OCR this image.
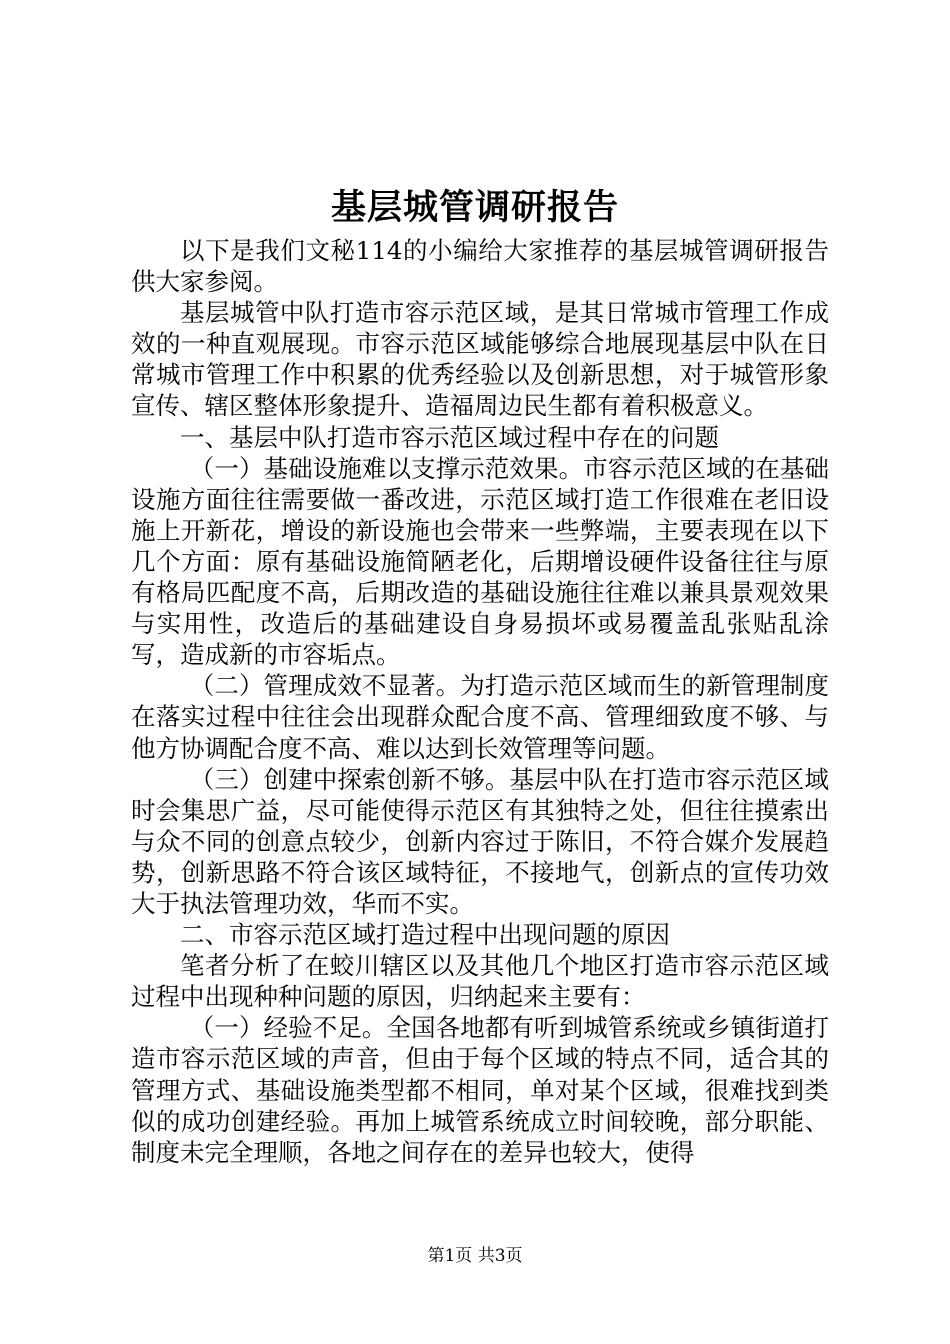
基层城管调研报告

以下是我们文秘114的小编给大家推荐的基层城管调研报告供大家参阅。

基层城管中队打造市容示范区域，是其日常城市管理工作成效的一种直观展现。市容示范区域能够综合地展现基层中队在日常城市管理工作中积累的优秀经验以及创新思想，对于城管形象宣传、辖区整体形象提升、造福周边民生都有着积极意义。

一、基层中队打造市容示范区域过程中存在的问题

（一）基础设施难以支撑示范效果。市容示范区域的在基础设施方面往往需要做一番改进，示范区域打造工作很难在老旧设施上开新花，增设的新设施也会带来一些弊端，主要表现在以下几个方面：原有基础设施简陋老化，后期增设硬件设备往往与原有格局匹配度不高，后期改造的基础设施往往难以兼具景观效果与实用性，改造后的基础建设自身易损坏或易覆盖乱张贴乱涂写，造成新的市容垢点。

（二）管理成效不显著。为打造示范区域而生的新管理制度在落实过程中往往会出现群众配合度不高、管理细致度不够、与他方协调配合度不高、难以达到长效管理等问题。

（三）创建中探索创新不够。基层中队在打造市容示范区域时会集思广益，尽可能使得示范区有其独特之处，但往往摸索出与众不同的创意点较少，创新内容过于陈旧，不符合媒介发展趋势，创新思路不符合该区域特征，不接地气，创新点的宣传功效大于执法管理功效，华而不实。

二、市容示范区域打造过程中出现问题的原因

笔者分析了在蛟川辖区以及其他几个地区打造市容示范区域过程中出现种种问题的原因，归纳起来主要有：

（一）经验不足。全国各地都有听到城管系统或乡镇街道打造市容示范区域的声音，但由于每个区域的特点不同，适合其的管理方式、基础设施类型都不相同，单对某个区域，很难找到类似的成功创建经验。再加上城管系统成立时间较晚，部分职能、制度未完全理顺，各地之间存在的差异也较大，使得

第1页 共3页
